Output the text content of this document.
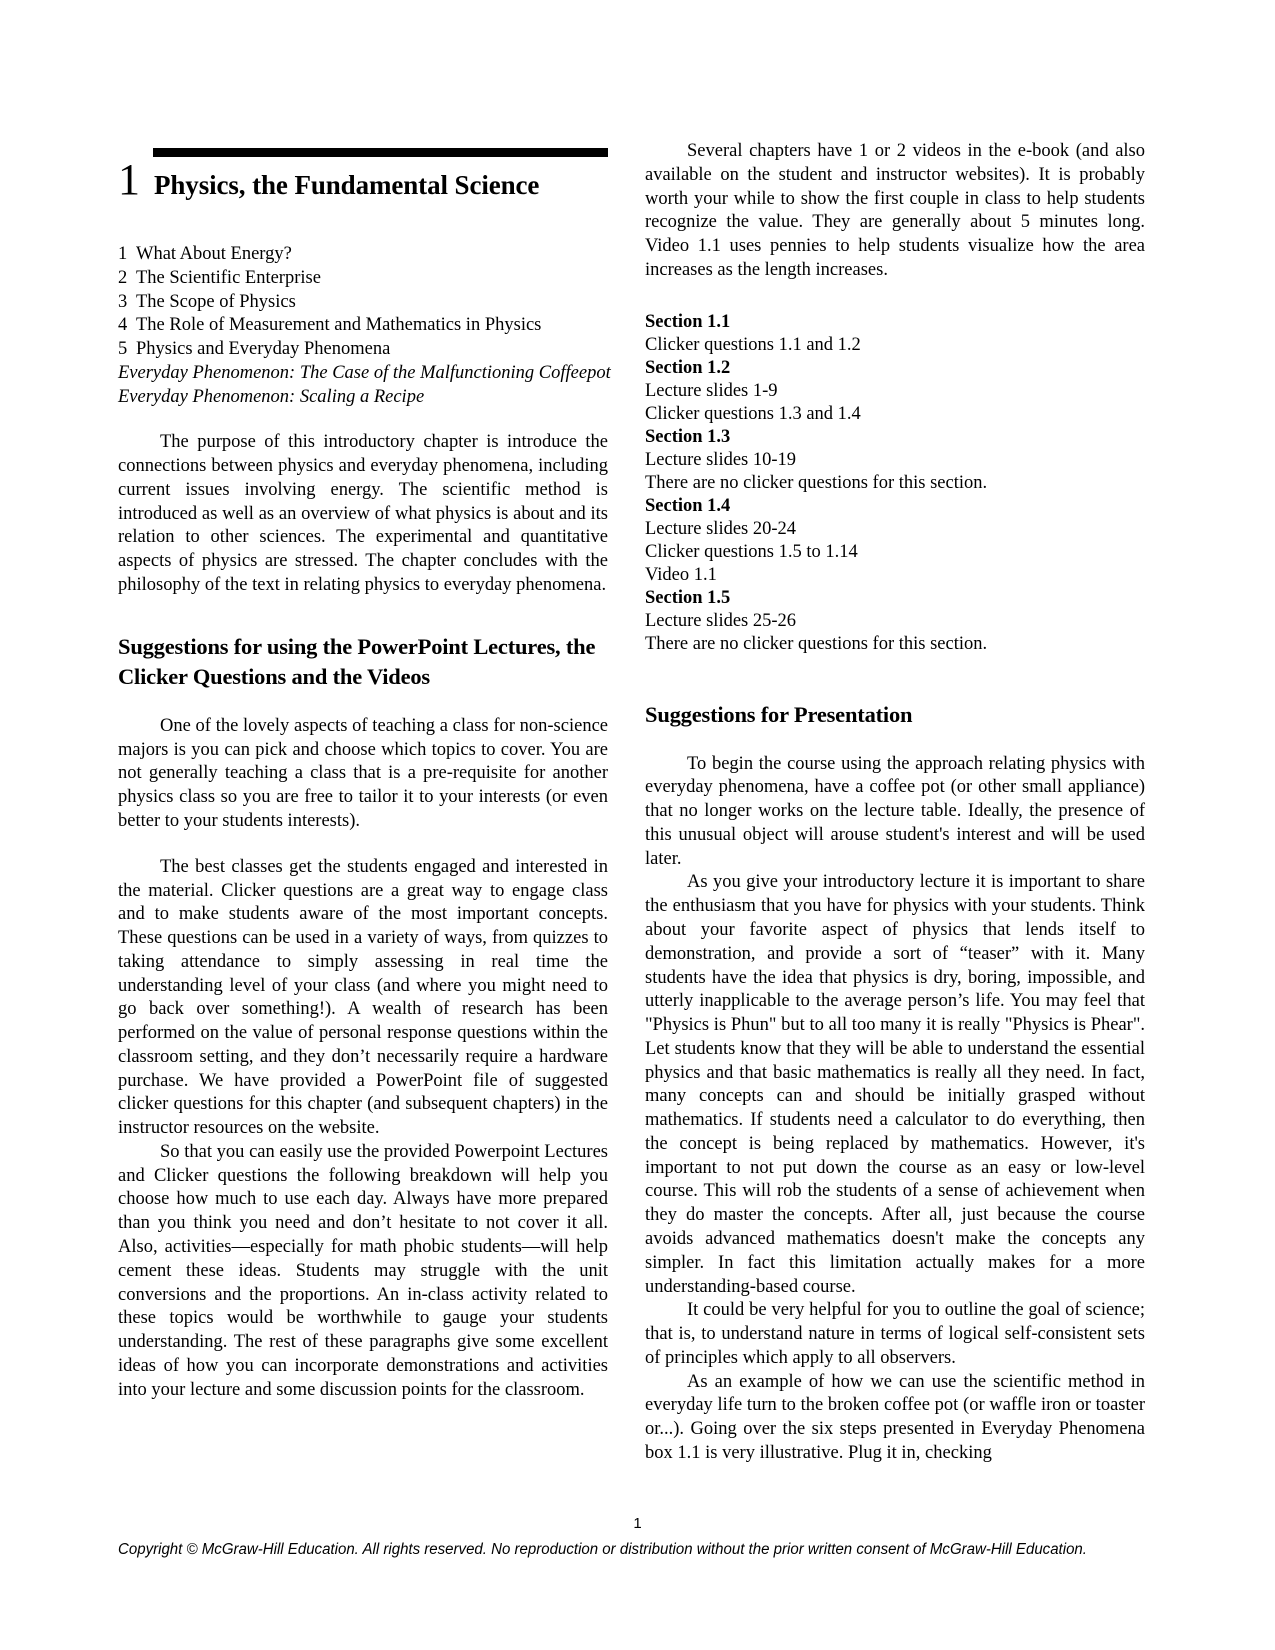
1 Physics, the Fundamental Science
1 What About Energy?
2 The Scientific Enterprise
3 The Scope of Physics
4 The Role of Measurement and Mathematics in Physics
5 Physics and Everyday Phenomena
Everyday Phenomenon: The Case of the Malfunctioning Coffeepot
Everyday Phenomenon: Scaling a Recipe

The purpose of this introductory chapter is introduce the connections between physics and everyday phenomena, including current issues involving energy. The scientific method is introduced as well as an overview of what physics is about and its relation to other sciences. The experimental and quantitative aspects of physics are stressed. The chapter concludes with the philosophy of the text in relating physics to everyday phenomena.

Suggestions for using the PowerPoint Lectures, the Clicker Questions and the Videos

One of the lovely aspects of teaching a class for non-science majors is you can pick and choose which topics to cover. You are not generally teaching a class that is a pre-requisite for another physics class so you are free to tailor it to your interests (or even better to your students interests).

The best classes get the students engaged and interested in the material. Clicker questions are a great way to engage class and to make students aware of the most important concepts. These questions can be used in a variety of ways, from quizzes to taking attendance to simply assessing in real time the understanding level of your class (and where you might need to go back over something!). A wealth of research has been performed on the value of personal response questions within the classroom setting, and they don’t necessarily require a hardware purchase. We have provided a PowerPoint file of suggested clicker questions for this chapter (and subsequent chapters) in the instructor resources on the website.

So that you can easily use the provided Powerpoint Lectures and Clicker questions the following breakdown will help you choose how much to use each day. Always have more prepared than you think you need and don’t hesitate to not cover it all. Also, activities—especially for math phobic students—will help cement these ideas. Students may struggle with the unit conversions and the proportions. An in-class activity related to these topics would be worthwhile to gauge your students understanding. The rest of these paragraphs give some excellent ideas of how you can incorporate demonstrations and activities into your lecture and some discussion points for the classroom.

Several chapters have 1 or 2 videos in the e-book (and also available on the student and instructor websites). It is probably worth your while to show the first couple in class to help students recognize the value. They are generally about 5 minutes long. Video 1.1 uses pennies to help students visualize how the area increases as the length increases.

Section 1.1
Clicker questions 1.1 and 1.2
Section 1.2
Lecture slides 1-9
Clicker questions 1.3 and 1.4
Section 1.3
Lecture slides 10-19
There are no clicker questions for this section.
Section 1.4
Lecture slides 20-24
Clicker questions 1.5 to 1.14
Video 1.1
Section 1.5
Lecture slides 25-26
There are no clicker questions for this section.
Suggestions for Presentation

To begin the course using the approach relating physics with everyday phenomena, have a coffee pot (or other small appliance) that no longer works on the lecture table. Ideally, the presence of this unusual object will arouse student's interest and will be used later.

As you give your introductory lecture it is important to share the enthusiasm that you have for physics with your students. Think about your favorite aspect of physics that lends itself to demonstration, and provide a sort of “teaser” with it. Many students have the idea that physics is dry, boring, impossible, and utterly inapplicable to the average person’s life. You may feel that "Physics is Phun" but to all too many it is really "Physics is Phear". Let students know that they will be able to understand the essential physics and that basic mathematics is really all they need. In fact, many concepts can and should be initially grasped without mathematics. If students need a calculator to do everything, then the concept is being replaced by mathematics. However, it's important to not put down the course as an easy or low-level course. This will rob the students of a sense of achievement when they do master the concepts. After all, just because the course avoids advanced mathematics doesn't make the concepts any simpler. In fact this limitation actually makes for a more understanding-based course.

It could be very helpful for you to outline the goal of science; that is, to understand nature in terms of logical self-consistent sets of principles which apply to all observers.

As an example of how we can use the scientific method in everyday life turn to the broken coffee pot (or waffle iron or toaster or...). Going over the six steps presented in Everyday Phenomena box 1.1 is very illustrative. Plug it in, checking

1
Copyright © McGraw-Hill Education. All rights reserved. No reproduction or distribution without the prior written consent of McGraw-Hill Education.
